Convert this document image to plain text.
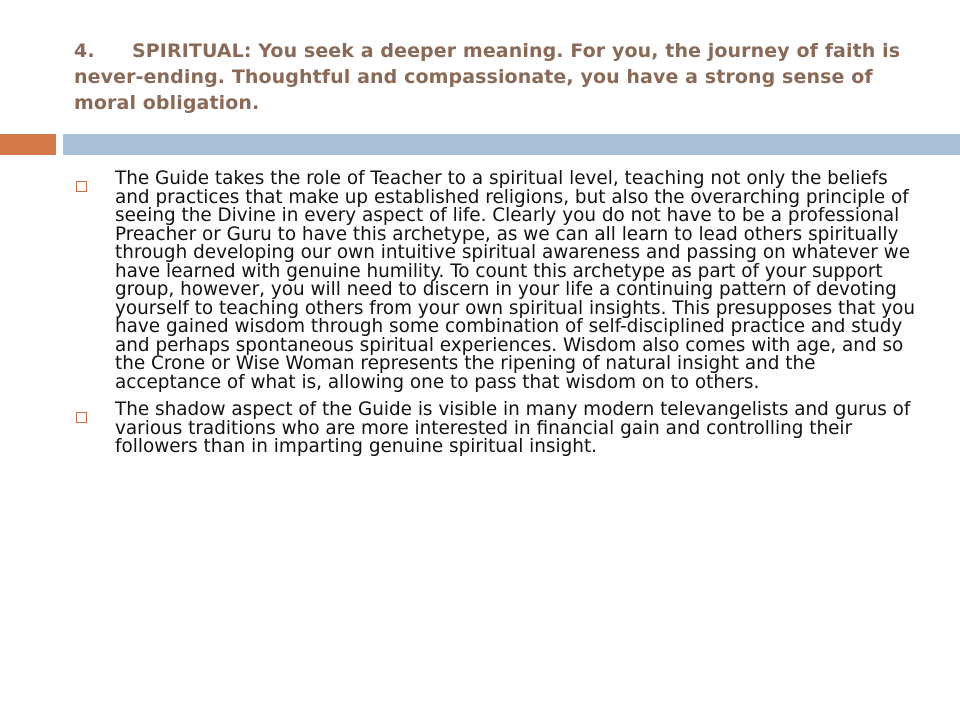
4. SPIRITUAL: You seek a deeper meaning. For you, the journey of faith is never-ending. Thoughtful and compassionate, you have a strong sense of moral obligation.

The Guide takes the role of Teacher to a spiritual level, teaching not only the beliefs and practices that make up established religions, but also the overarching principle of seeing the Divine in every aspect of life. Clearly you do not have to be a professional Preacher or Guru to have this archetype, as we can all learn to lead others spiritually through developing our own intuitive spiritual awareness and passing on whatever we have learned with genuine humility. To count this archetype as part of your support group, however, you will need to discern in your life a continuing pattern of devoting yourself to teaching others from your own spiritual insights. This presupposes that you have gained wisdom through some combination of self-disciplined practice and study and perhaps spontaneous spiritual experiences. Wisdom also comes with age, and so the Crone or Wise Woman represents the ripening of natural insight and the acceptance of what is, allowing one to pass that wisdom on to others.

The shadow aspect of the Guide is visible in many modern televangelists and gurus of various traditions who are more interested in financial gain and controlling their followers than in imparting genuine spiritual insight.
